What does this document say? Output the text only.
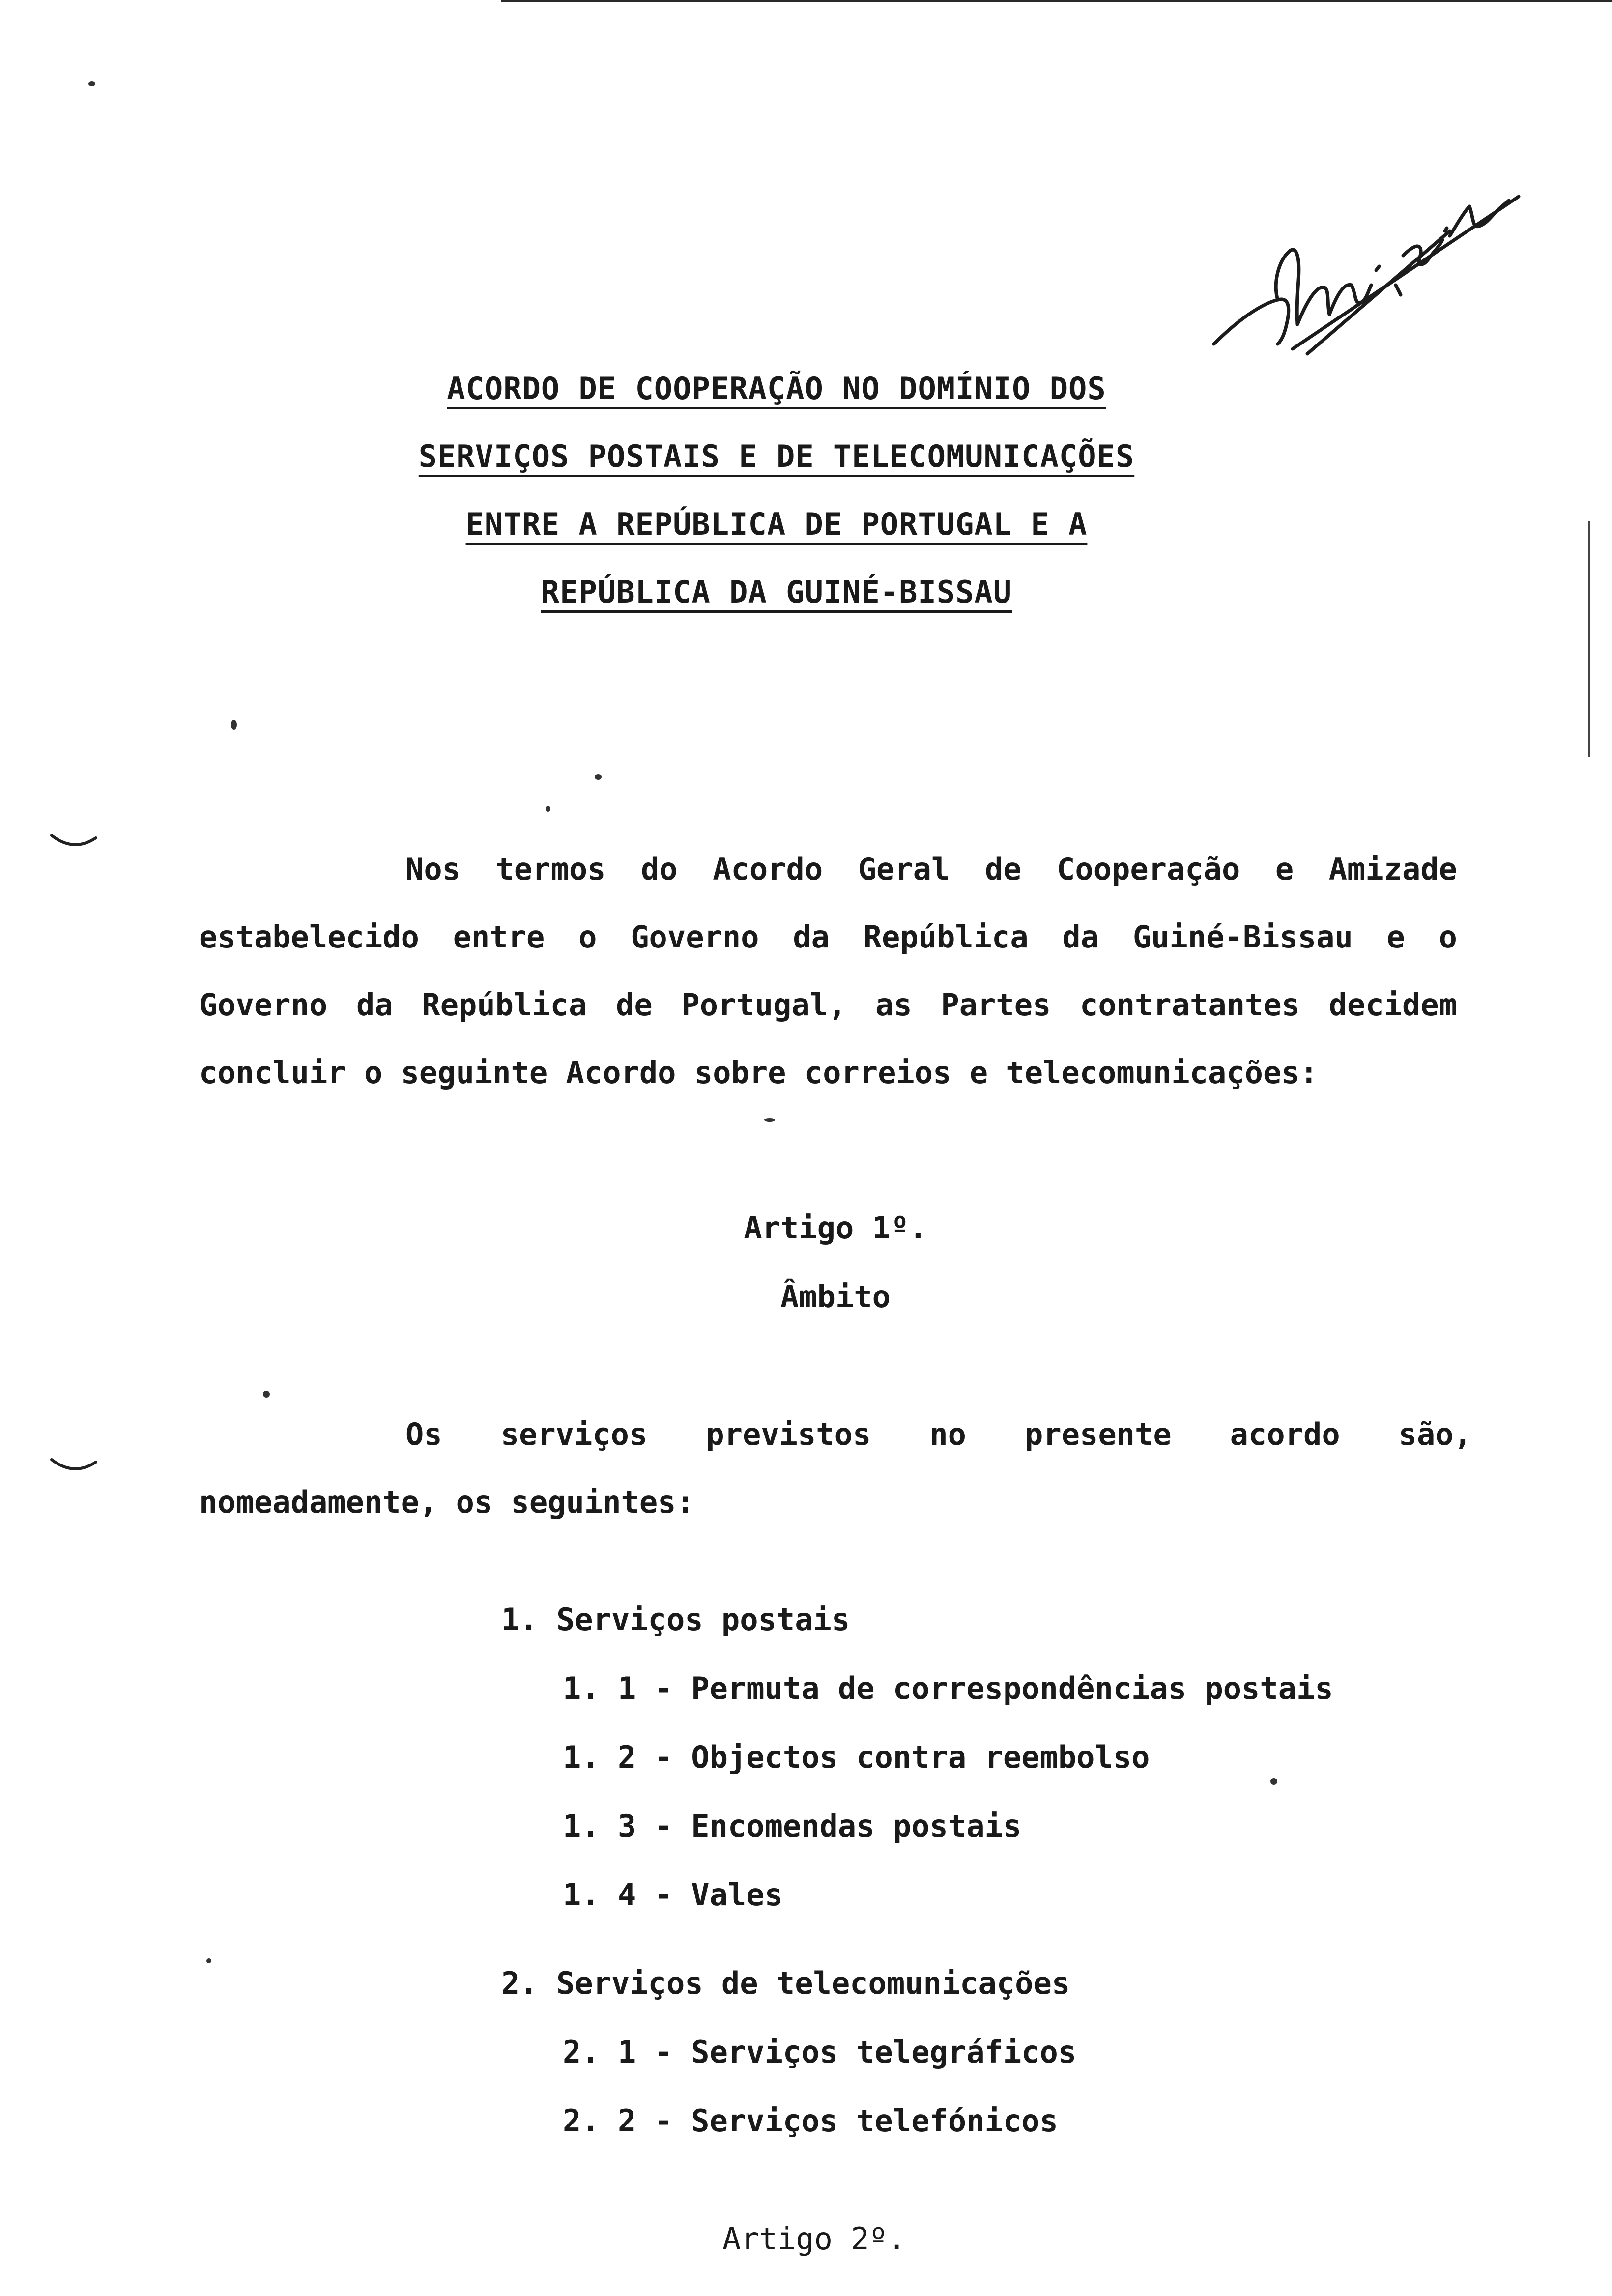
ACORDO DE COOPERAÇÃO NO DOMÍNIO DOS
SERVIÇOS POSTAIS E DE TELECOMUNICAÇÕES
ENTRE A REPÚBLICA DE PORTUGAL E A
REPÚBLICA DA GUINÉ-BISSAU

Nos termos do Acordo Geral de Cooperação e Amizade estabelecido entre o Governo da República da Guiné-Bissau e o Governo da República de Portugal, as Partes contratantes decidem concluir o seguinte Acordo sobre correios e telecomunicações:

Artigo 1º.

Âmbito

Os serviços previstos no presente acordo são, nomeadamente, os seguintes:

1. Serviços postais
1. 1 - Permuta de correspondências postais
1. 2 - Objectos contra reembolso
1. 3 - Encomendas postais
1. 4 - Vales
2. Serviços de telecomunicações
2. 1 - Serviços telegráficos
2. 2 - Serviços telefónicos

Artigo 2º.
